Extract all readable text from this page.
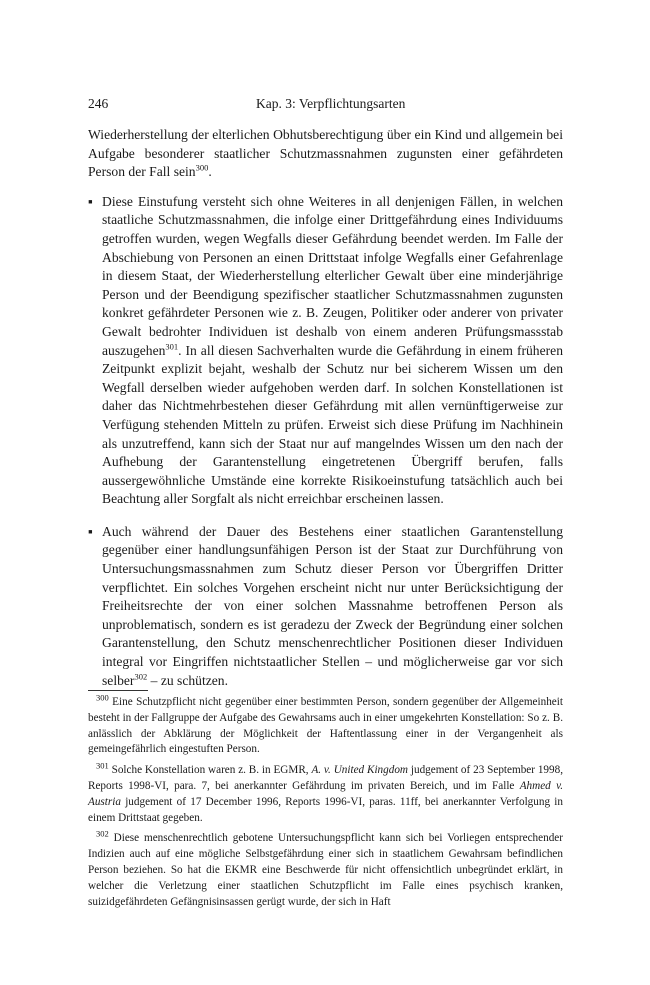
246	Kap. 3: Verpflichtungsarten

Wiederherstellung der elterlichen Obhutsberechtigung über ein Kind und allgemein bei Aufgabe besonderer staatlicher Schutzmassnahmen zugunsten einer gefährdeten Person der Fall sein$^{300}$.

▪ Diese Einstufung versteht sich ohne Weiteres in all denjenigen Fällen, in welchen staatliche Schutzmassnahmen, die infolge einer Drittgefährdung eines Individuums getroffen wurden, wegen Wegfalls dieser Gefährdung beendet werden. Im Falle der Abschiebung von Personen an einen Drittstaat infolge Wegfalls einer Gefahrenlage in diesem Staat, der Wiederherstellung elterlicher Gewalt über eine minderjährige Person und der Beendigung spezifischer staatlicher Schutzmassnahmen zugunsten konkret gefährdeter Personen wie z. B. Zeugen, Politiker oder anderer von privater Gewalt bedrohter Individuen ist deshalb von einem anderen Prüfungsmassstab auszugehen$^{301}$. In all diesen Sachverhalten wurde die Gefährdung in einem früheren Zeitpunkt explizit bejaht, weshalb der Schutz nur bei sicherem Wissen um den Wegfall derselben wieder aufgehoben werden darf. In solchen Konstellationen ist daher das Nichtmehrbestehen dieser Gefährdung mit allen vernünftigerweise zur Verfügung stehenden Mitteln zu prüfen. Erweist sich diese Prüfung im Nachhinein als unzutreffend, kann sich der Staat nur auf mangelndes Wissen um den nach der Aufhebung der Garantenstellung eingetretenen Übergriff berufen, falls aussergewöhnliche Umstände eine korrekte Risikoeinstufung tatsächlich auch bei Beachtung aller Sorgfalt als nicht erreichbar erscheinen lassen.

▪ Auch während der Dauer des Bestehens einer staatlichen Garantenstellung gegenüber einer handlungsunfähigen Person ist der Staat zur Durchführung von Untersuchungsmassnahmen zum Schutz dieser Person vor Übergriffen Dritter verpflichtet. Ein solches Vorgehen erscheint nicht nur unter Berücksichtigung der Freiheitsrechte der von einer solchen Massnahme betroffenen Person als unproblematisch, sondern es ist geradezu der Zweck der Begründung einer solchen Garantenstellung, den Schutz menschenrechtlicher Positionen dieser Individuen integral vor Eingriffen nichtstaatlicher Stellen – und möglicherweise gar vor sich selber$^{302}$ – zu schützen.

$^{300}$ Eine Schutzpflicht nicht gegenüber einer bestimmten Person, sondern gegenüber der Allgemeinheit besteht in der Fallgruppe der Aufgabe des Gewahrsams auch in einer umgekehrten Konstellation: So z. B. anlässlich der Abklärung der Möglichkeit der Haftentlassung einer in der Vergangenheit als gemeingefährlich eingestuften Person.

$^{301}$ Solche Konstellation waren z. B. in EGMR, A. v. United Kingdom judgement of 23 September 1998, Reports 1998-VI, para. 7, bei anerkannter Gefährdung im privaten Bereich, und im Falle Ahmed v. Austria judgement of 17 December 1996, Reports 1996-VI, paras. 11ff, bei anerkannter Verfolgung in einem Drittstaat gegeben.

$^{302}$ Diese menschenrechtlich gebotene Untersuchungspflicht kann sich bei Vorliegen entsprechender Indizien auch auf eine mögliche Selbstgefährdung einer sich in staatlichem Gewahrsam befindlichen Person beziehen. So hat die EKMR eine Beschwerde für nicht offensichtlich unbegründet erklärt, in welcher die Verletzung einer staatlichen Schutzpflicht im Falle eines psychisch kranken, suizidgefährdeten Gefängnisinsassen gerügt wurde, der sich in Haft
